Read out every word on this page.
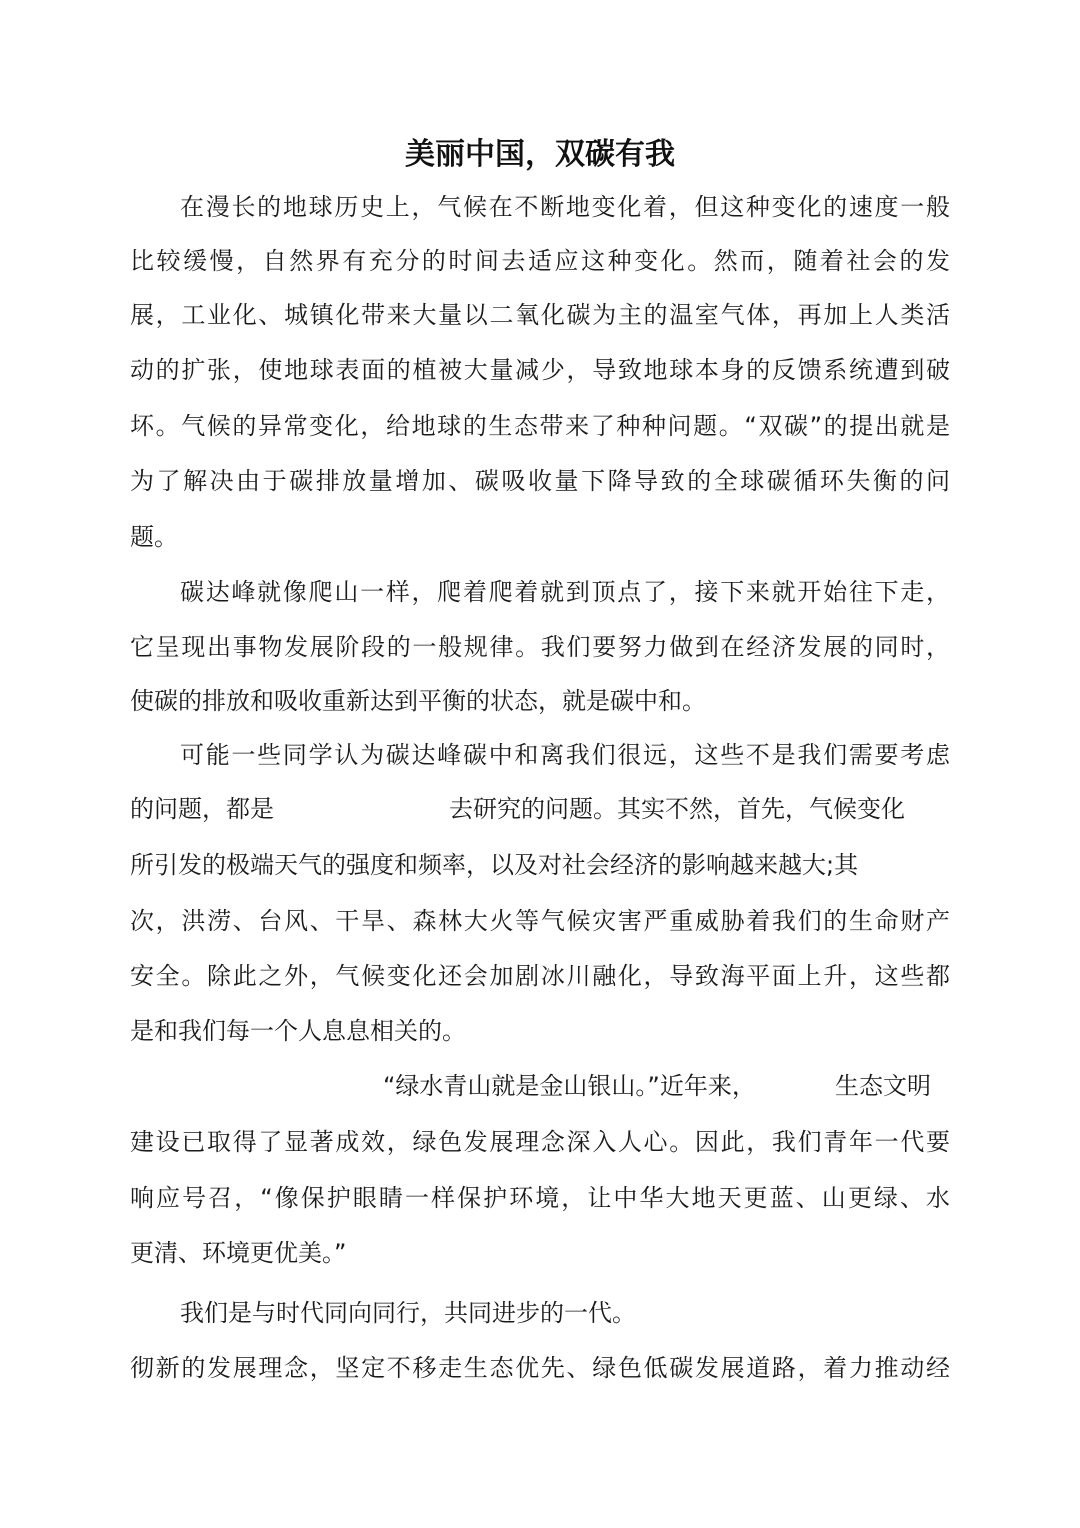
美丽中国，双碳有我
在漫长的地球历史上，气候在不断地变化着，但这种变化的速度一般
比较缓慢，自然界有充分的时间去适应这种变化。然而，随着社会的发
展，工业化、城镇化带来大量以二氧化碳为主的温室气体，再加上人类活
动的扩张，使地球表面的植被大量减少，导致地球本身的反馈系统遭到破
坏。气候的异常变化，给地球的生态带来了种种问题。“双碳”的提出就是
为了解决由于碳排放量增加、碳吸收量下降导致的全球碳循环失衡的问
题。
碳达峰就像爬山一样，爬着爬着就到顶点了，接下来就开始往下走，
它呈现出事物发展阶段的一般规律。我们要努力做到在经济发展的同时，
使碳的排放和吸收重新达到平衡的状态，就是碳中和。
可能一些同学认为碳达峰碳中和离我们很远，这些不是我们需要考虑
的问题，都是	去研究的问题。其实不然，首先，气候变化
所引发的极端天气的强度和频率，以及对社会经济的影响越来越大;其
次，洪涝、台风、干旱、森林大火等气候灾害严重威胁着我们的生命财产
安全。除此之外，气候变化还会加剧冰川融化，导致海平面上升，这些都
是和我们每一个人息息相关的。
“绿水青山就是金山银山。”近年来，	生态文明
建设已取得了显著成效，绿色发展理念深入人心。因此，我们青年一代要
响应号召，“像保护眼睛一样保护环境，让中华大地天更蓝、山更绿、水
更清、环境更优美。”
我们是与时代同向同行，共同进步的一代。
彻新的发展理念，坚定不移走生态优先、绿色低碳发展道路，着力推动经
